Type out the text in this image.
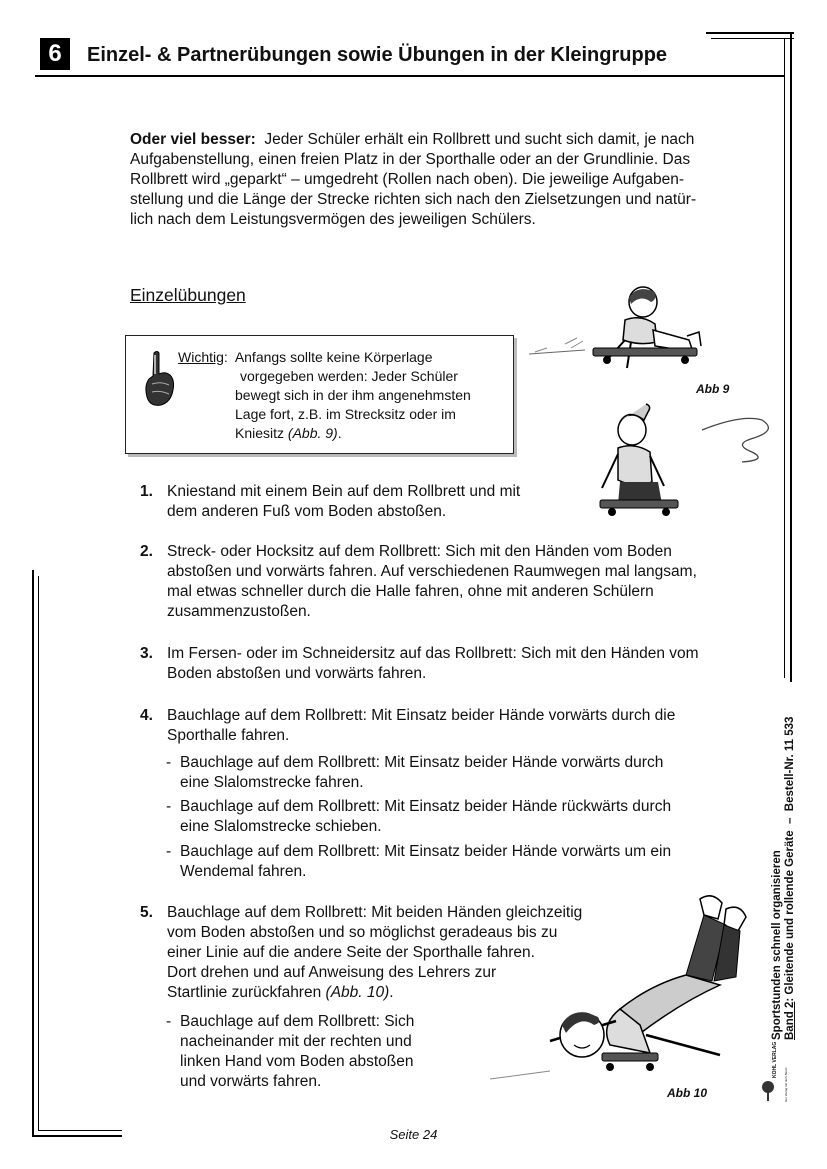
6	Einzel- & Partnerübungen sowie Übungen in der Kleingruppe
Oder viel besser: Jeder Schüler erhält ein Rollbrett und sucht sich damit, je nach
Aufgabenstellung, einen freien Platz in der Sporthalle oder an der Grundlinie. Das
Rollbrett wird „geparkt“ – umgedreht (Rollen nach oben). Die jeweilige Aufgaben-
stellung und die Länge der Strecke richten sich nach den Zielsetzungen und natür-
lich nach dem Leistungsvermögen des jeweiligen Schülers.
Einzelübungen
Wichtig:  Anfangs sollte keine Körperlage
vorgegeben werden: Jeder Schüler
bewegt sich in der ihm angenehmsten
Lage fort, z.B. im Strecksitz oder im
Kniesitz (Abb. 9).
Abb 9
1. Kniestand mit einem Bein auf dem Rollbrett und mit
dem anderen Fuß vom Boden abstoßen.
2. Streck- oder Hocksitz auf dem Rollbrett: Sich mit den Händen vom Boden
abstoßen und vorwärts fahren. Auf verschiedenen Raumwegen mal langsam,
mal etwas schneller durch die Halle fahren, ohne mit anderen Schülern
zusammenzustoßen.
3. Im Fersen- oder im Schneidersitz auf das Rollbrett: Sich mit den Händen vom
Boden abstoßen und vorwärts fahren.
4. Bauchlage auf dem Rollbrett: Mit Einsatz beider Hände vorwärts durch die
Sporthalle fahren.
- Bauchlage auf dem Rollbrett: Mit Einsatz beider Hände vorwärts durch
eine Slalomstrecke fahren.
- Bauchlage auf dem Rollbrett: Mit Einsatz beider Hände rückwärts durch
eine Slalomstrecke schieben.
- Bauchlage auf dem Rollbrett: Mit Einsatz beider Hände vorwärts um ein
Wendemal fahren.
5. Bauchlage auf dem Rollbrett: Mit beiden Händen gleichzeitig
vom Boden abstoßen und so möglichst geradeaus bis zu
einer Linie auf die andere Seite der Sporthalle fahren.
Dort drehen und auf Anweisung des Lehrers zur
Startlinie zurückfahren (Abb. 10).
- Bauchlage auf dem Rollbrett: Sich
nacheinander mit der rechten und
linken Hand vom Boden abstoßen
und vorwärts fahren.
Abb 10
Sportstunden schnell organisieren Band 2: Gleitende und rollende Geräte  –  Bestell-Nr. 11 533
KOHL VERLAG
Der Verlag mit dem Baum
Seite 24
